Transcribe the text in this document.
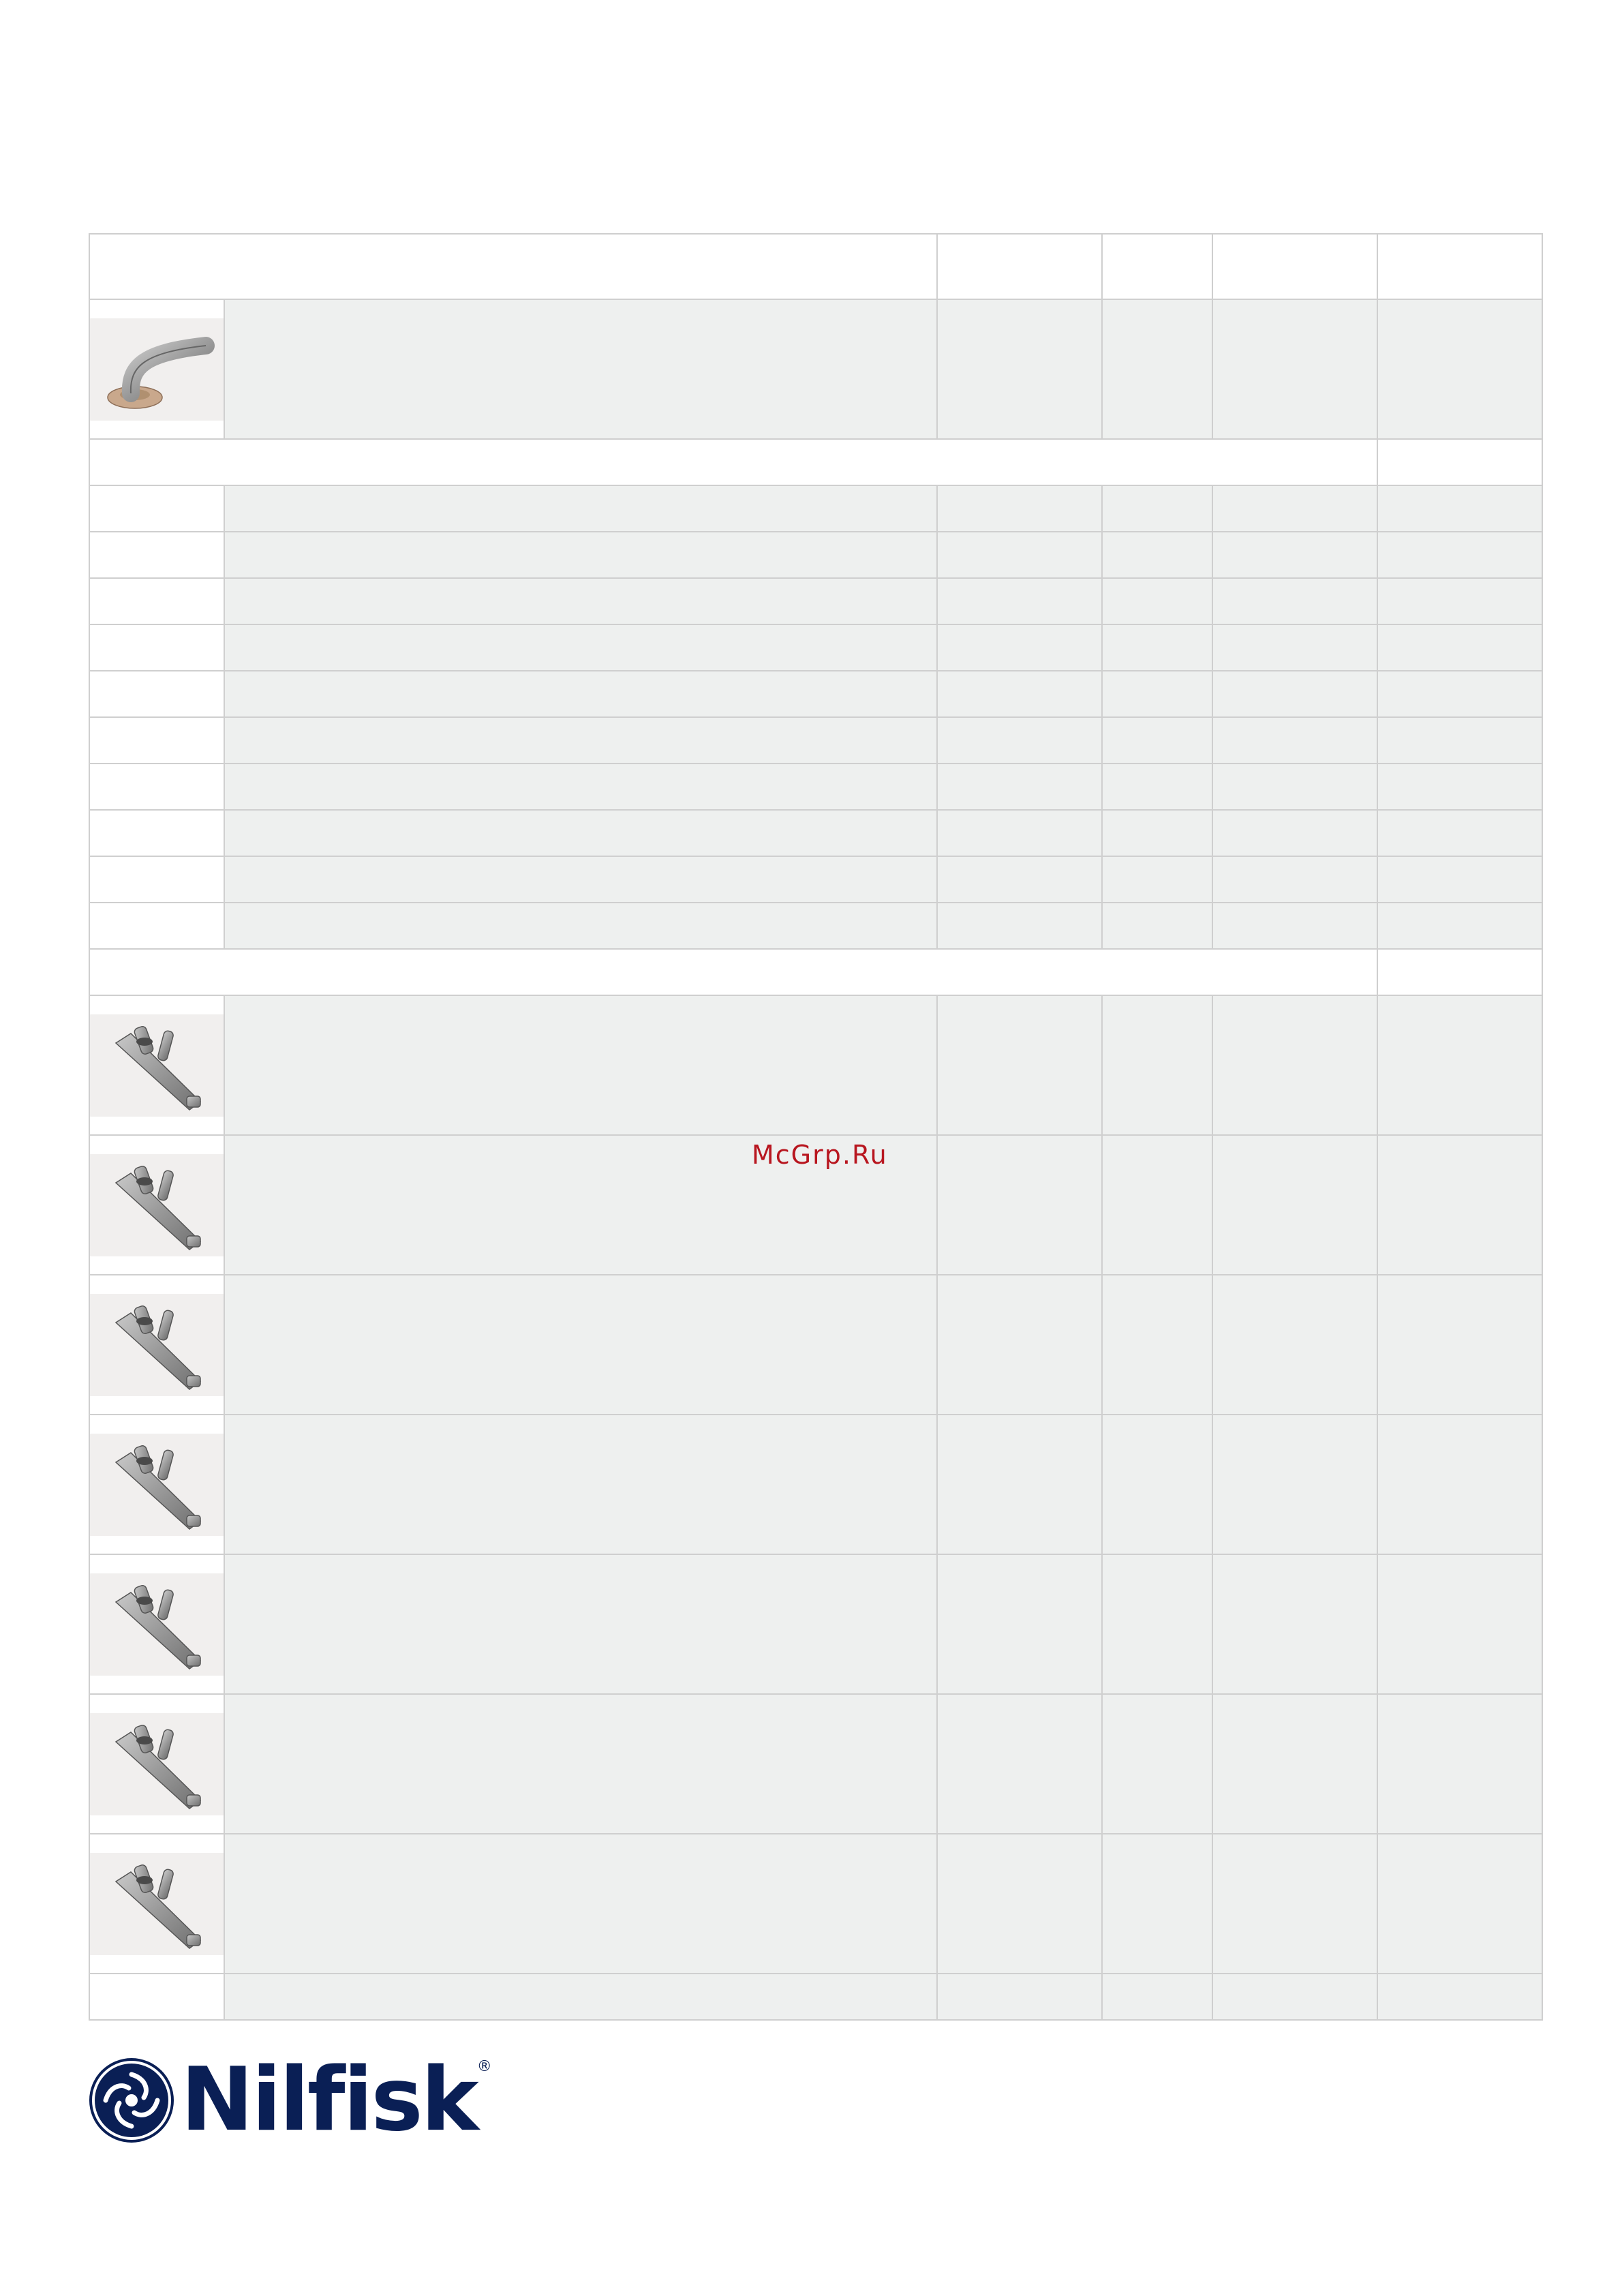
McGrp.Ru
Nilfisk ®
